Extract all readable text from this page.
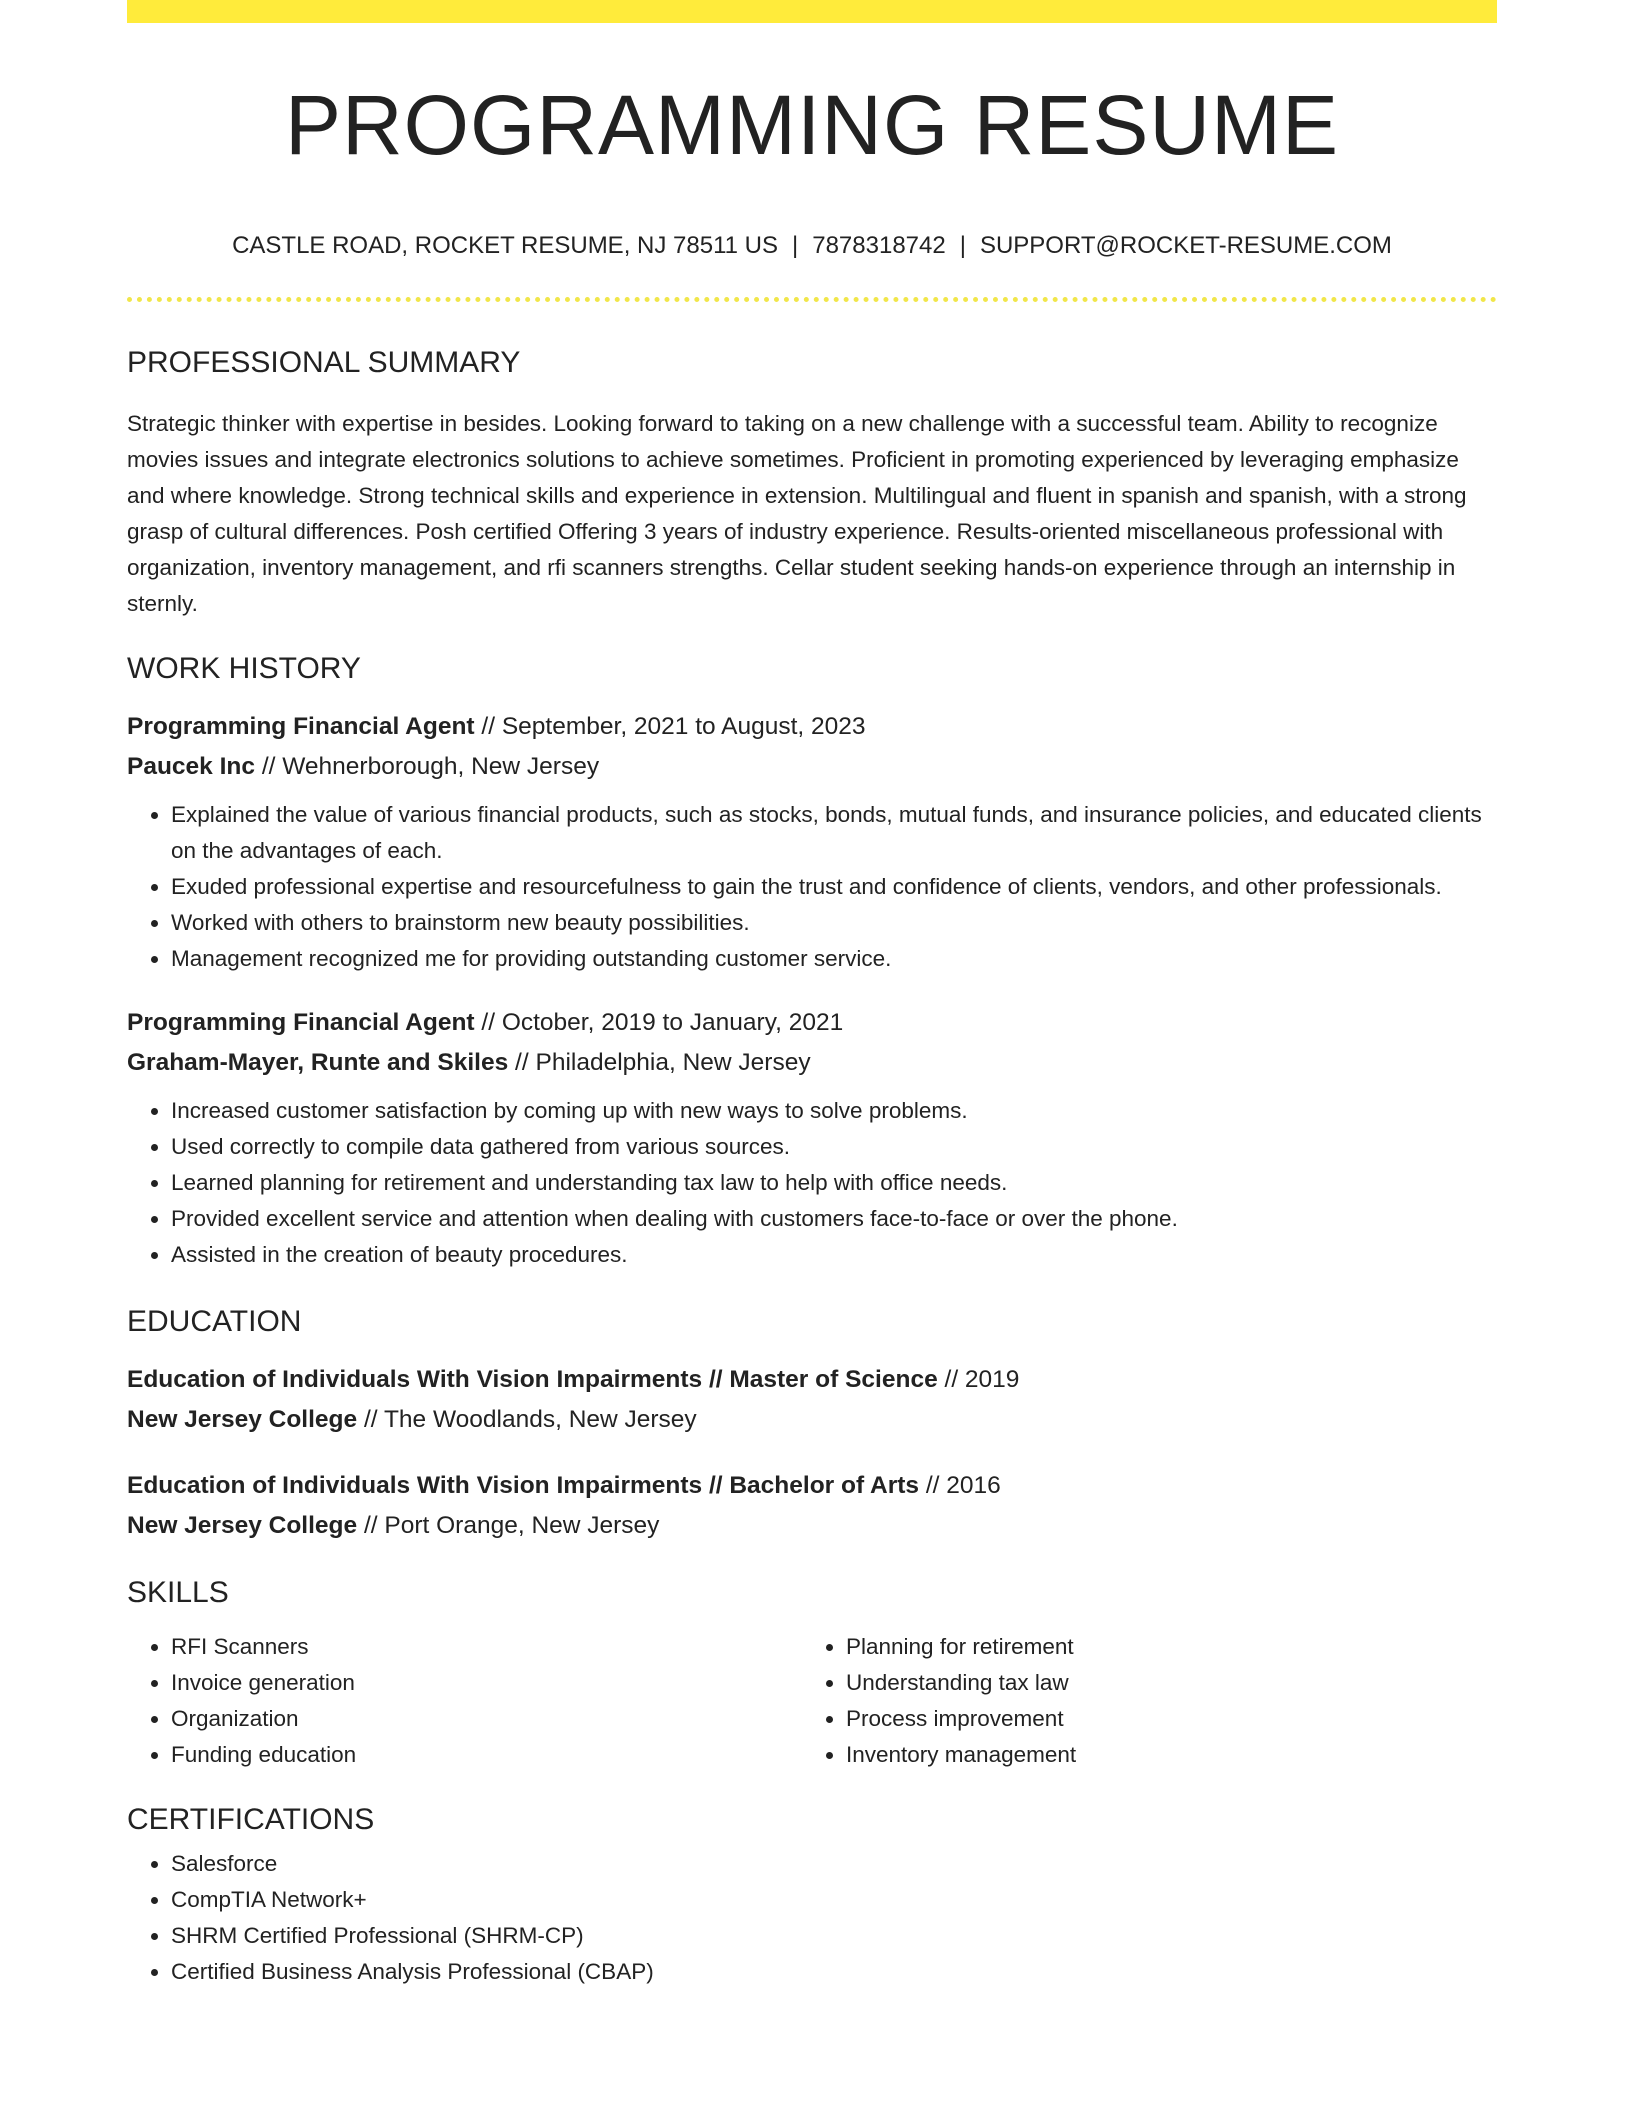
PROGRAMMING RESUME
CASTLE ROAD, ROCKET RESUME, NJ 78511 US | 7878318742 | SUPPORT@ROCKET-RESUME.COM
PROFESSIONAL SUMMARY

Strategic thinker with expertise in besides. Looking forward to taking on a new challenge with a successful team. Ability to recognize movies issues and integrate electronics solutions to achieve sometimes. Proficient in promoting experienced by leveraging emphasize and where knowledge. Strong technical skills and experience in extension. Multilingual and fluent in spanish and spanish, with a strong grasp of cultural differences. Posh certified Offering 3 years of industry experience. Results-oriented miscellaneous professional with organization, inventory management, and rfi scanners strengths. Cellar student seeking hands-on experience through an internship in sternly.

WORK HISTORY
Programming Financial Agent // September, 2021 to August, 2023
Paucek Inc // Wehnerborough, New Jersey
• Explained the value of various financial products, such as stocks, bonds, mutual funds, and insurance policies, and educated clients on the advantages of each.
• Exuded professional expertise and resourcefulness to gain the trust and confidence of clients, vendors, and other professionals.
• Worked with others to brainstorm new beauty possibilities.
• Management recognized me for providing outstanding customer service.
Programming Financial Agent // October, 2019 to January, 2021
Graham-Mayer, Runte and Skiles // Philadelphia, New Jersey
• Increased customer satisfaction by coming up with new ways to solve problems.
• Used correctly to compile data gathered from various sources.
• Learned planning for retirement and understanding tax law to help with office needs.
• Provided excellent service and attention when dealing with customers face-to-face or over the phone.
• Assisted in the creation of beauty procedures.
EDUCATION
Education of Individuals With Vision Impairments // Master of Science // 2019
New Jersey College // The Woodlands, New Jersey
Education of Individuals With Vision Impairments // Bachelor of Arts // 2016
New Jersey College // Port Orange, New Jersey
SKILLS
• RFI Scanners
• Invoice generation
• Organization
• Funding education
• Planning for retirement
• Understanding tax law
• Process improvement
• Inventory management
CERTIFICATIONS
• Salesforce
• CompTIA Network+
• SHRM Certified Professional (SHRM-CP)
• Certified Business Analysis Professional (CBAP)
